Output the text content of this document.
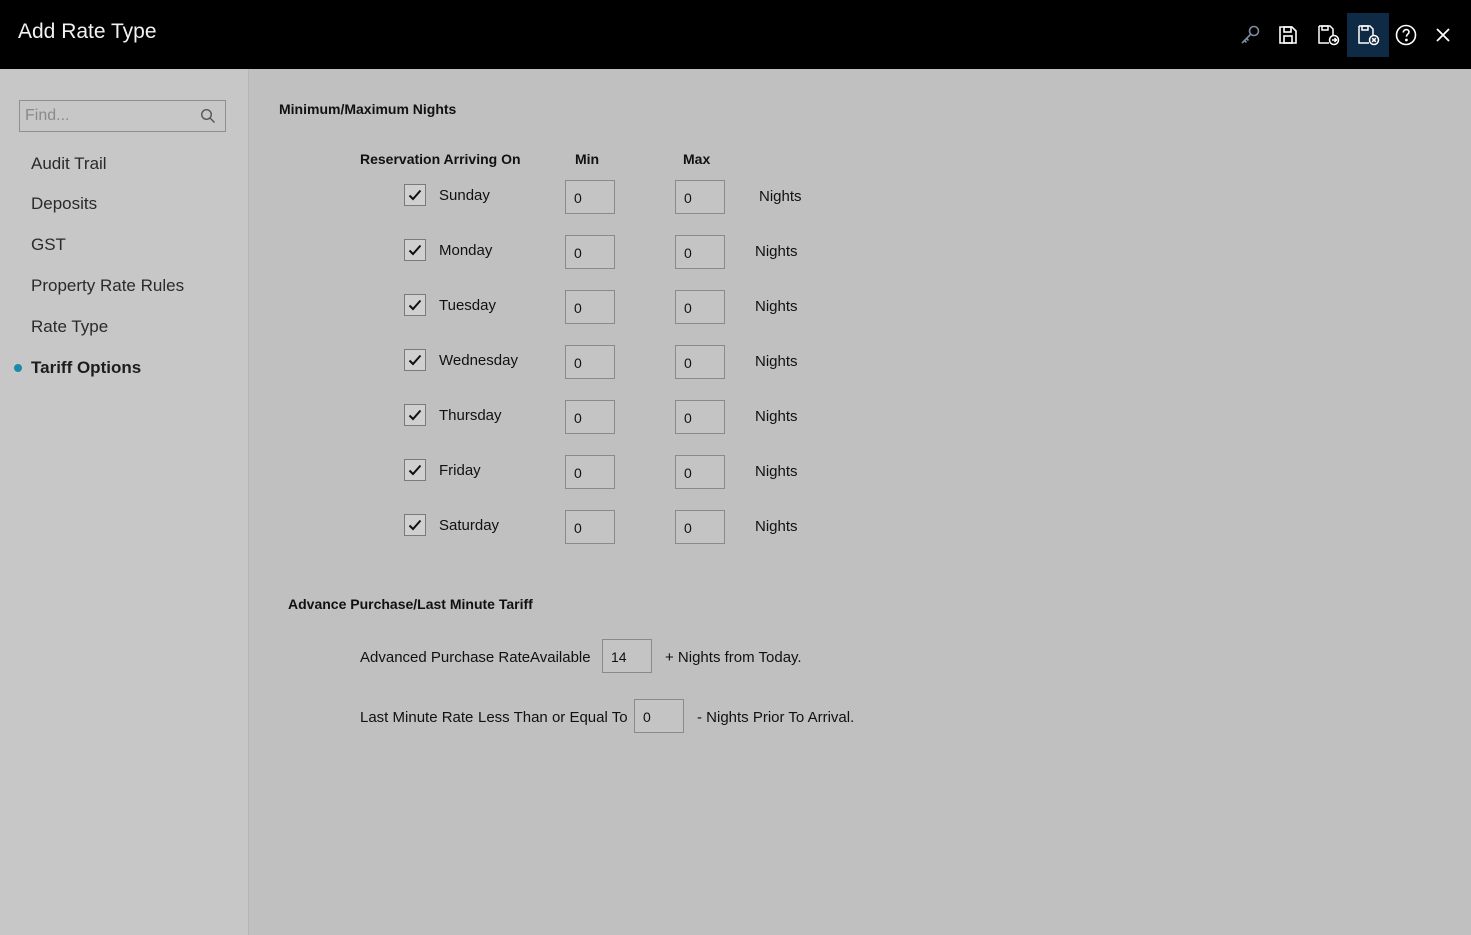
Add Rate Type
Find...
Audit Trail
Deposits
GST
Property Rate Rules
Rate Type
Tariff Options
Minimum/Maximum Nights
Reservation Arriving On	Min	Max
Sunday	0	0	Nights
Monday	0	0	Nights
Tuesday	0	0	Nights
Wednesday	0	0	Nights
Thursday	0	0	Nights
Friday	0	0	Nights
Saturday	0	0	Nights
Advance Purchase/Last Minute Tariff
Advanced Purchase Rate Available	14	+ Nights from Today.
Last Minute Rate Less Than or Equal To	0	- Nights Prior To Arrival.
